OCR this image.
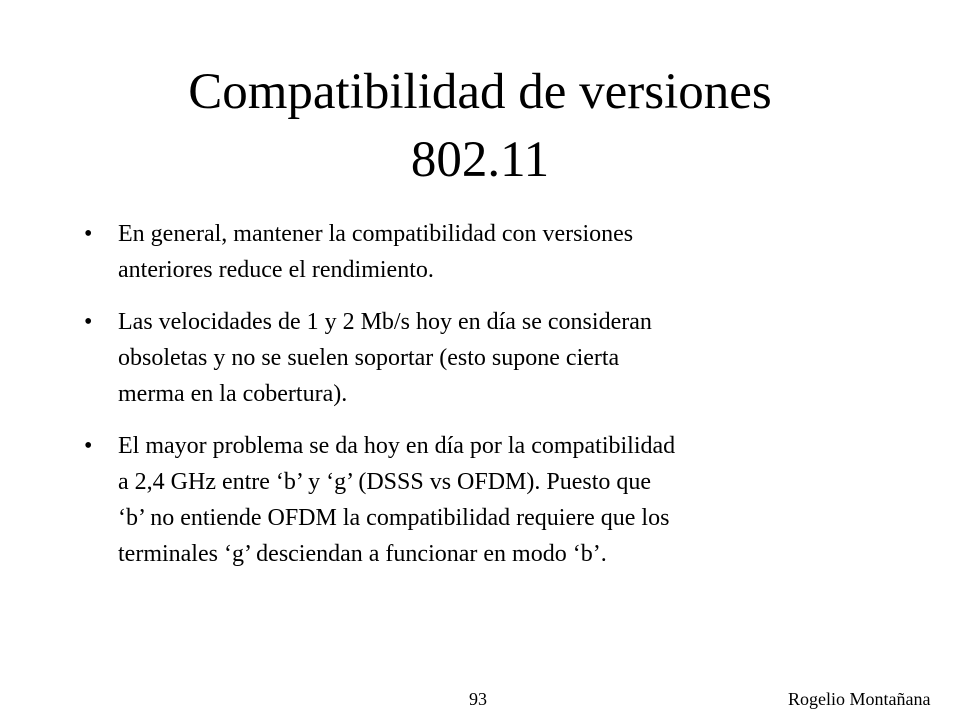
Compatibilidad de versiones
802.11
•	En general, mantener la compatibilidad con versiones
anteriores reduce el rendimiento.
•	Las velocidades de 1 y 2 Mb/s hoy en día se consideran
obsoletas y no se suelen soportar (esto supone cierta
merma en la cobertura).
•	El mayor problema se da hoy en día por la compatibilidad
a 2,4 GHz entre ‘b’ y ‘g’ (DSSS vs OFDM). Puesto que
‘b’ no entiende OFDM la compatibilidad requiere que los
terminales ‘g’ desciendan a funcionar en modo ‘b’.
93	Rogelio Montañana
